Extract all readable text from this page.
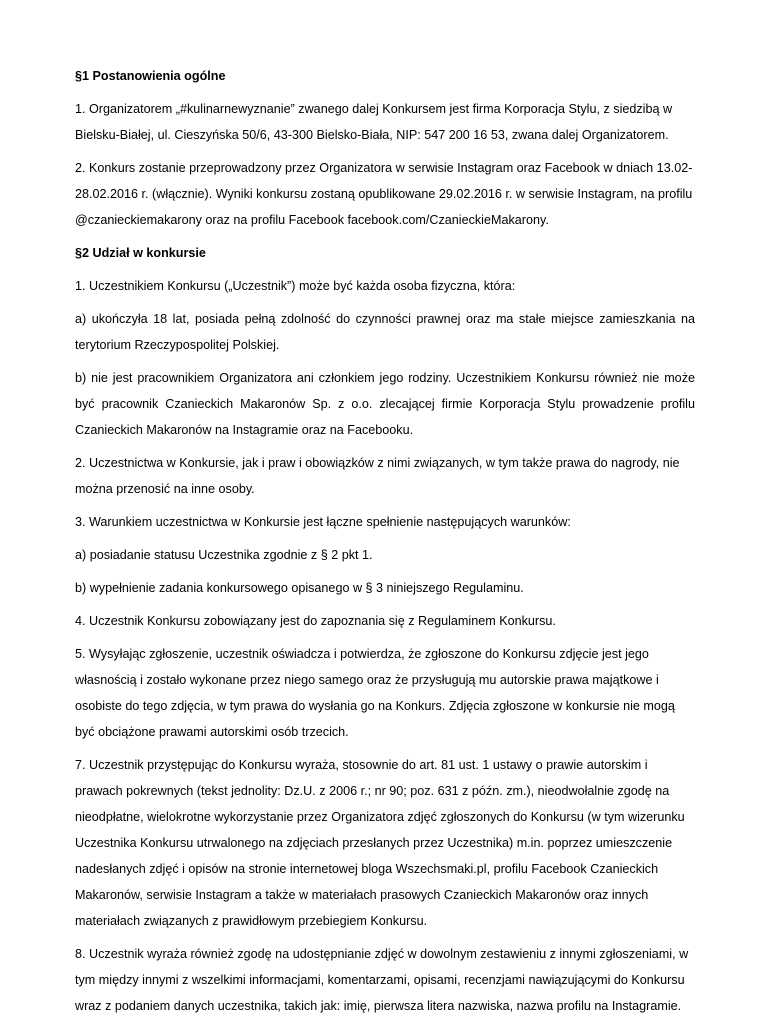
§1 Postanowienia ogólne

1. Organizatorem „#kulinarnewyznanie” zwanego dalej Konkursem jest firma Korporacja Stylu, z siedzibą w Bielsku-Białej, ul. Cieszyńska 50/6, 43-300 Bielsko-Biała, NIP: 547 200 16 53, zwana dalej Organizatorem.

2. Konkurs zostanie przeprowadzony przez Organizatora w serwisie Instagram oraz Facebook w dniach 13.02-28.02.2016 r. (włącznie). Wyniki konkursu zostaną opublikowane 29.02.2016 r. w serwisie Instagram, na profilu @czanieckiemakarony oraz na profilu Facebook facebook.com/CzanieckieMakarony.

§2 Udział w konkursie

1. Uczestnikiem Konkursu („Uczestnik”) może być każda osoba fizyczna, która:

a) ukończyła 18 lat, posiada pełną zdolność do czynności prawnej oraz ma stałe miejsce zamieszkania na terytorium Rzeczypospolitej Polskiej.

b) nie jest pracownikiem Organizatora ani członkiem jego rodziny. Uczestnikiem Konkursu również nie może być pracownik Czanieckich Makaronów Sp. z o.o. zlecającej firmie Korporacja Stylu prowadzenie profilu Czanieckich Makaronów na Instagramie oraz na Facebooku.

2. Uczestnictwa w Konkursie, jak i praw i obowiązków z nimi związanych, w tym także prawa do nagrody, nie można przenosić na inne osoby.

3. Warunkiem uczestnictwa w Konkursie jest łączne spełnienie następujących warunków:

a) posiadanie statusu Uczestnika zgodnie z § 2 pkt 1.

b) wypełnienie zadania konkursowego opisanego w § 3 niniejszego Regulaminu.

4. Uczestnik Konkursu zobowiązany jest do zapoznania się z Regulaminem Konkursu.

5. Wysyłając zgłoszenie, uczestnik oświadcza i potwierdza, że zgłoszone do Konkursu zdjęcie jest jego własnością i zostało wykonane przez niego samego oraz że przysługują mu autorskie prawa majątkowe i osobiste do tego zdjęcia, w tym prawa do wysłania go na Konkurs. Zdjęcia zgłoszone w konkursie nie mogą być obciążone prawami autorskimi osób trzecich.

7. Uczestnik przystępując do Konkursu wyraża, stosownie do art. 81 ust. 1 ustawy o prawie autorskim i prawach pokrewnych (tekst jednolity: Dz.U. z 2006 r.; nr 90; poz. 631 z późn. zm.), nieodwołalnie zgodę na nieodpłatne, wielokrotne wykorzystanie przez Organizatora zdjęć zgłoszonych do Konkursu (w tym wizerunku Uczestnika Konkursu utrwalonego na zdjęciach przesłanych przez Uczestnika) m.in. poprzez umieszczenie nadesłanych zdjęć i opisów na stronie internetowej bloga Wszechsmaki.pl, profilu Facebook Czanieckich Makaronów, serwisie Instagram a także w materiałach prasowych Czanieckich Makaronów oraz innych materiałach związanych z prawidłowym przebiegiem Konkursu.

8. Uczestnik wyraża również zgodę na udostępnianie zdjęć w dowolnym zestawieniu z innymi zgłoszeniami, w tym między innymi z wszelkimi informacjami, komentarzami, opisami, recenzjami nawiązującymi do Konkursu wraz z podaniem danych uczestnika, takich jak: imię, pierwsza litera nazwiska, nazwa profilu na Instagramie.
